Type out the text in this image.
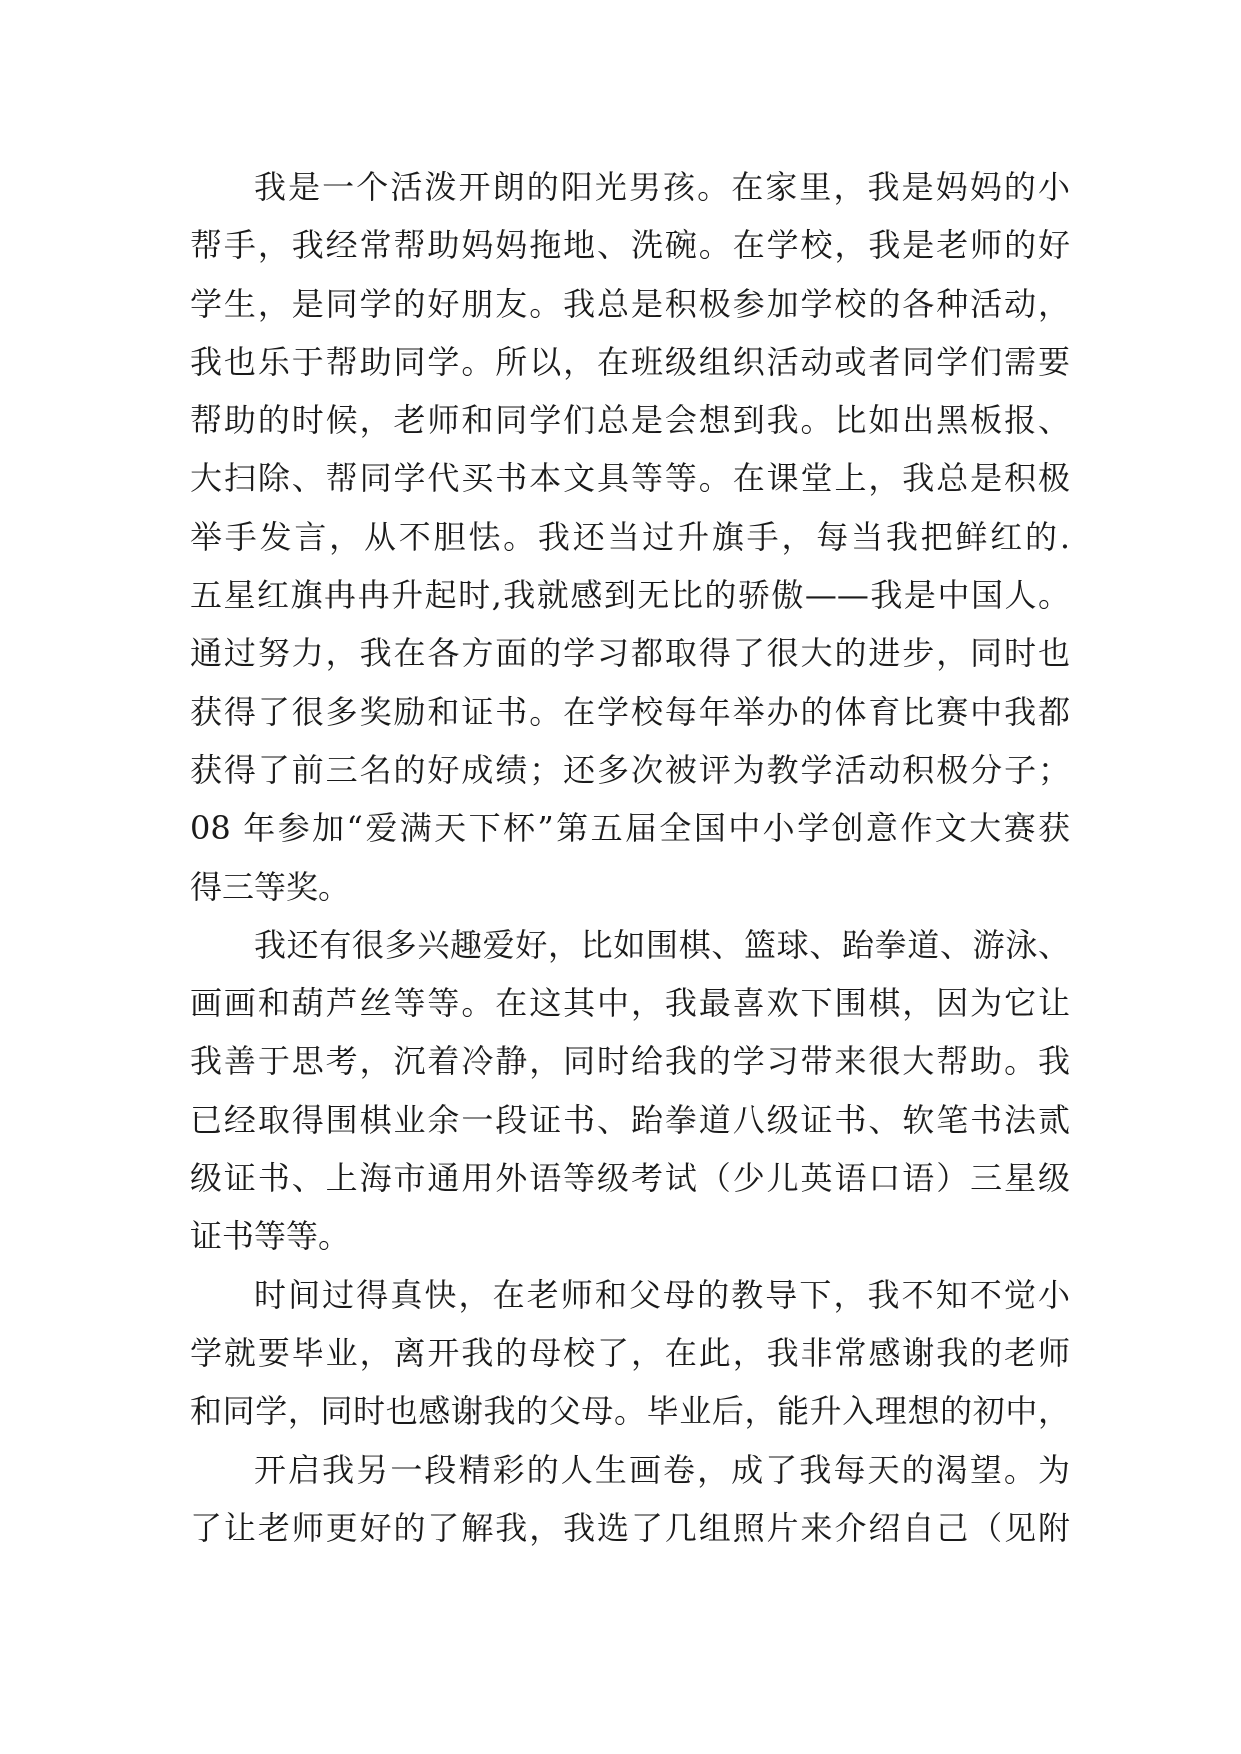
我是一个活泼开朗的阳光男孩。在家里，我是妈妈的小
帮手，我经常帮助妈妈拖地、洗碗。在学校，我是老师的好
学生，是同学的好朋友。我总是积极参加学校的各种活动，
我也乐于帮助同学。所以，在班级组织活动或者同学们需要
帮助的时候，老师和同学们总是会想到我。比如出黑板报、
大扫除、帮同学代买书本文具等等。在课堂上，我总是积极
举手发言，从不胆怯。我还当过升旗手，每当我把鲜红的.
五星红旗冉冉升起时,我就感到无比的骄傲——我是中国人。
通过努力，我在各方面的学习都取得了很大的进步，同时也
获得了很多奖励和证书。在学校每年举办的体育比赛中我都
获得了前三名的好成绩；还多次被评为教学活动积极分子；
08 年参加“爱满天下杯”第五届全国中小学创意作文大赛获
得三等奖。
我还有很多兴趣爱好，比如围棋、篮球、跆拳道、游泳、
画画和葫芦丝等等。在这其中，我最喜欢下围棋，因为它让
我善于思考，沉着冷静，同时给我的学习带来很大帮助。我
已经取得围棋业余一段证书、跆拳道八级证书、软笔书法贰
级证书、上海市通用外语等级考试（少儿英语口语）三星级
证书等等。
时间过得真快，在老师和父母的教导下，我不知不觉小
学就要毕业，离开我的母校了，在此，我非常感谢我的老师
和同学，同时也感谢我的父母。毕业后，能升入理想的初中，
开启我另一段精彩的人生画卷，成了我每天的渴望。为
了让老师更好的了解我，我选了几组照片来介绍自己（见附
